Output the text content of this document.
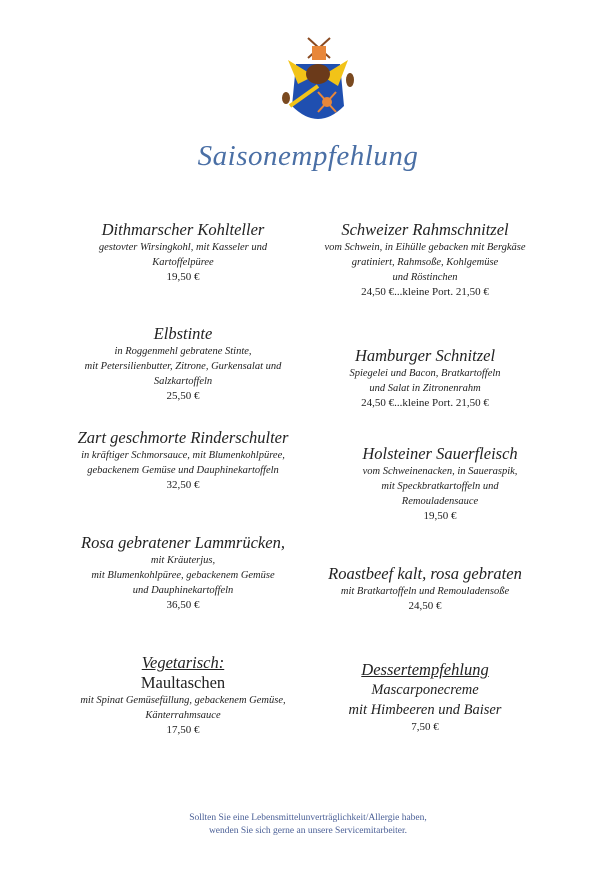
Saisonempfehlung
Dithmarscher Kohlteller
gestovter Wirsingkohl, mit Kasseler und
Kartoffelpüree
19,50 €
Elbstinte
in Roggenmehl gebratene Stinte,
mit Petersilienbutter, Zitrone, Gurkensalat und
Salzkartoffeln
25,50 €
Zart geschmorte Rinderschulter
in kräftiger Schmorsauce, mit Blumenkohlpüree,
gebackenem Gemüse und Dauphinekartoffeln
32,50 €
Rosa gebratener Lammrücken,
mit Kräuterjus,
mit Blumenkohlpüree, gebackenem Gemüse
und Dauphinekartoffeln
36,50 €
Vegetarisch:
Maultaschen
mit Spinat Gemüsefüllung, gebackenem Gemüse,
Känterrahmsauce
17,50 €
Schweizer Rahmschnitzel
vom Schwein, in Eihülle gebacken mit Bergkäse
gratiniert, Rahmsoße, Kohlgemüse
und Röstinchen
24,50 €...kleine Port. 21,50 €
Hamburger Schnitzel
Spiegelei und Bacon, Bratkartoffeln
und Salat in Zitronenrahm
24,50 €...kleine Port. 21,50 €
Holsteiner Sauerfleisch
vom Schweinenacken, in Saueraspik,
mit Speckbratkartoffeln und
Remouladensauce
19,50 €
Roastbeef kalt, rosa gebraten
mit Bratkartoffeln und Remouladensoße
24,50 €
Dessertempfehlung
Mascarponecreme
mit Himbeeren und Baiser
7,50 €
Sollten Sie eine Lebensmittelunverträglichkeit/Allergie haben,
wenden Sie sich gerne an unsere Servicemitarbeiter.
